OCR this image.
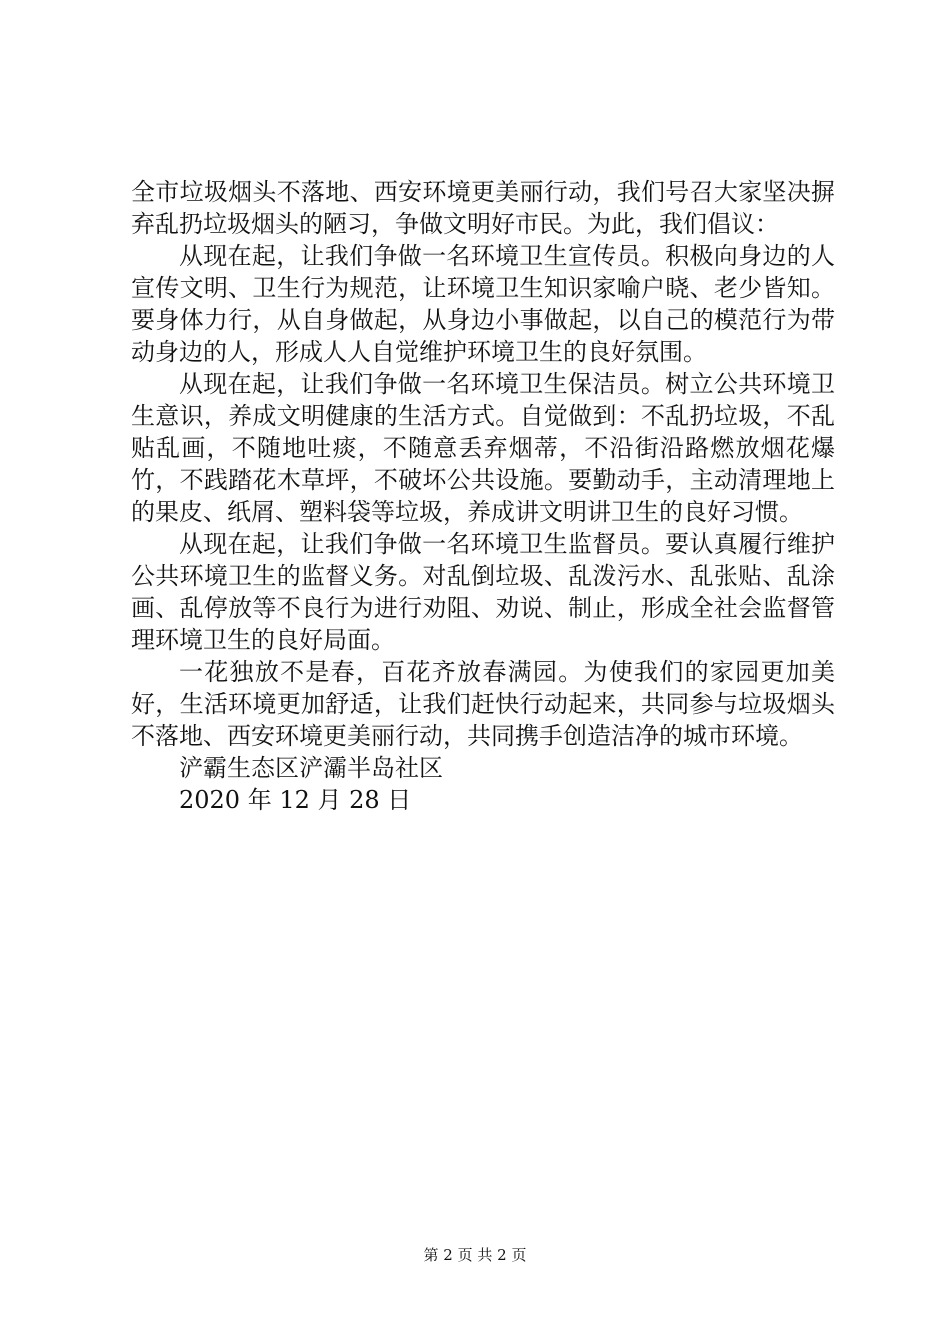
全市垃圾烟头不落地、西安环境更美丽行动，我们号召大家坚决摒弃乱扔垃圾烟头的陋习，争做文明好市民。为此，我们倡议：

从现在起，让我们争做一名环境卫生宣传员。积极向身边的人宣传文明、卫生行为规范，让环境卫生知识家喻户晓、老少皆知。要身体力行，从自身做起，从身边小事做起，以自己的模范行为带动身边的人，形成人人自觉维护环境卫生的良好氛围。

从现在起，让我们争做一名环境卫生保洁员。树立公共环境卫生意识，养成文明健康的生活方式。自觉做到：不乱扔垃圾，不乱贴乱画，不随地吐痰，不随意丢弃烟蒂，不沿街沿路燃放烟花爆竹，不践踏花木草坪，不破坏公共设施。要勤动手，主动清理地上的果皮、纸屑、塑料袋等垃圾，养成讲文明讲卫生的良好习惯。

从现在起，让我们争做一名环境卫生监督员。要认真履行维护公共环境卫生的监督义务。对乱倒垃圾、乱泼污水、乱张贴、乱涂画、乱停放等不良行为进行劝阻、劝说、制止，形成全社会监督管理环境卫生的良好局面。

一花独放不是春，百花齐放春满园。为使我们的家园更加美好，生活环境更加舒适，让我们赶快行动起来，共同参与垃圾烟头不落地、西安环境更美丽行动，共同携手创造洁净的城市环境。

浐霸生态区浐灞半岛社区

2020 年 12 月 28 日

第 2 页 共 2 页
